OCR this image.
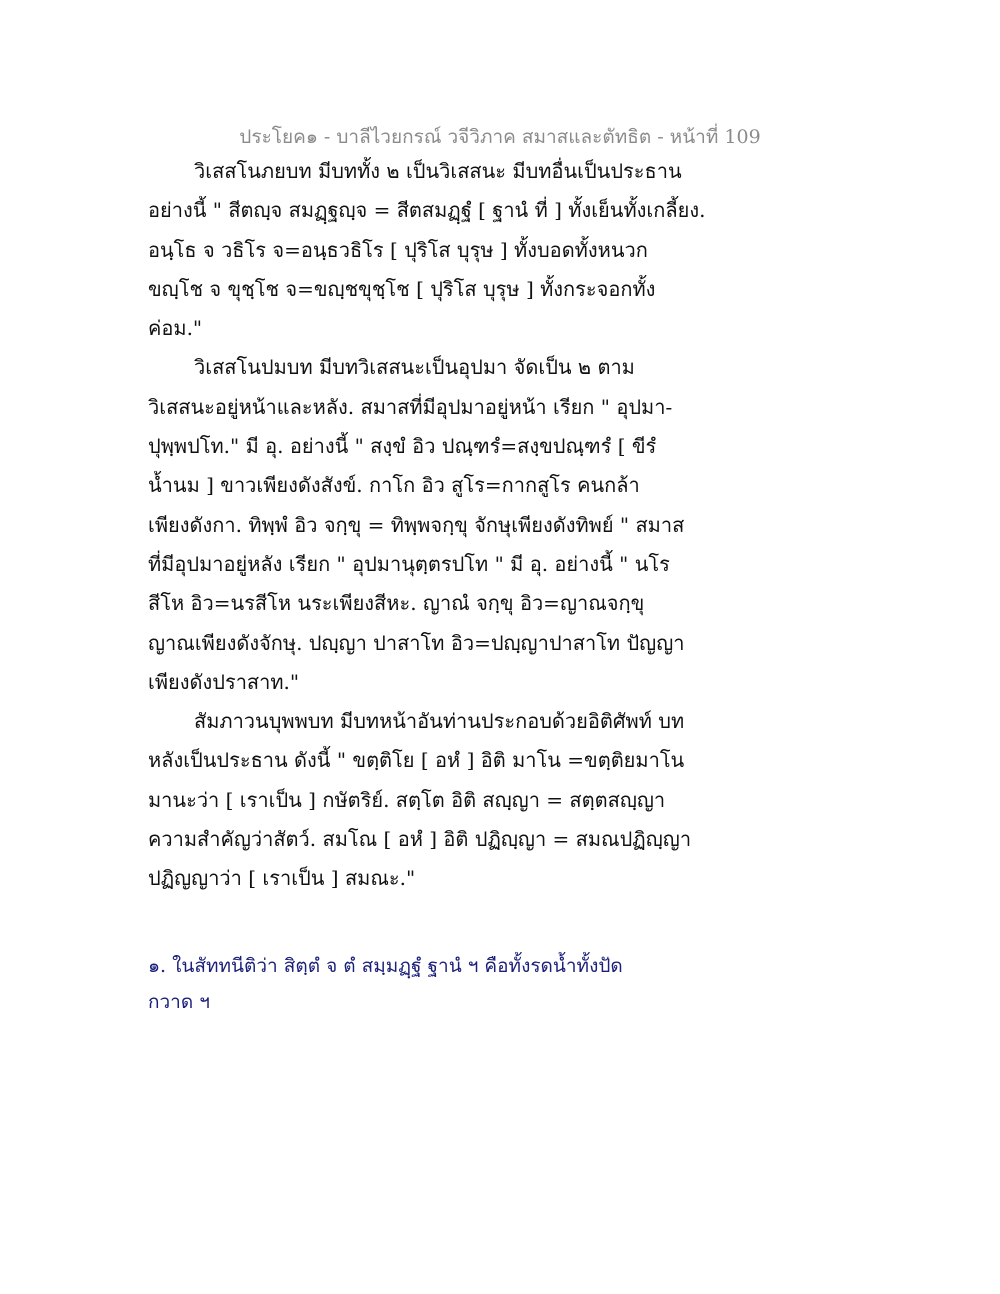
ประโยค๑ - บาลีไวยกรณ์ วจีวิภาค สมาสและตัทธิต - หน้าที่ 109
วิเสสโนภยบท มีบททั้ง ๒ เป็นวิเสสนะ มีบทอื่นเป็นประธาน
อย่างนี้ " สีตญฺจ สมฏฺฐญฺจ = สีตสมฏฺฐํ [ ฐานํ ที่ ] ทั้งเย็นทั้งเกลี้ยง.
อนฺโธ จ วธิโร จ=อนฺธวธิโร [ ปุริโส บุรุษ ] ทั้งบอดทั้งหนวก
ขญฺโช จ ขุชฺโช จ=ขญฺชขุชฺโช [ ปุริโส บุรุษ ] ทั้งกระจอกทั้ง
ค่อม."
วิเสสโนปมบท มีบทวิเสสนะเป็นอุปมา จัดเป็น ๒ ตาม
วิเสสนะอยู่หน้าและหลัง. สมาสที่มีอุปมาอยู่หน้า เรียก " อุปมา-
ปุพฺพปโท." มี อุ. อย่างนี้ " สงฺขํ อิว ปณฺฑรํ=สงฺขปณฺฑรํ [ ขีรํ
น้ำนม ] ขาวเพียงดังสังข์. กาโก อิว สูโร=กากสูโร คนกล้า
เพียงดังกา. ทิพฺพํ อิว จกฺขุ = ทิพฺพจกฺขุ จักษุเพียงดังทิพย์ " สมาส
ที่มีอุปมาอยู่หลัง เรียก " อุปมานุตฺตรปโท " มี อุ. อย่างนี้ " นโร
สีโห อิว=นรสีโห นระเพียงสีหะ. ญาณํ จกฺขุ อิว=ญาณจกฺขุ
ญาณเพียงดังจักษุ. ปญฺญา ปาสาโท อิว=ปญฺญาปาสาโท ปัญญา
เพียงดังปราสาท."
สัมภาวนบุพพบท มีบทหน้าอันท่านประกอบด้วยอิติศัพท์ บท
หลังเป็นประธาน ดังนี้ " ขตฺติโย [ อหํ ] อิติ มาโน =ขตฺติยมาโน
มานะว่า [ เราเป็น ] กษัตริย์. สตฺโต อิติ สญฺญา = สตฺตสญฺญา
ความสำคัญว่าสัตว์. สมโณ [ อหํ ] อิติ ปฏิญฺญา = สมณปฏิญฺญา
ปฏิญญาว่า [ เราเป็น ] สมณะ."
๑. ในสัททนีติว่า สิตฺตํ จ ตํ สมฺมฏฺฐํ ฐานํ ฯ คือทั้งรดน้ำทั้งปัด
กวาด ฯ
